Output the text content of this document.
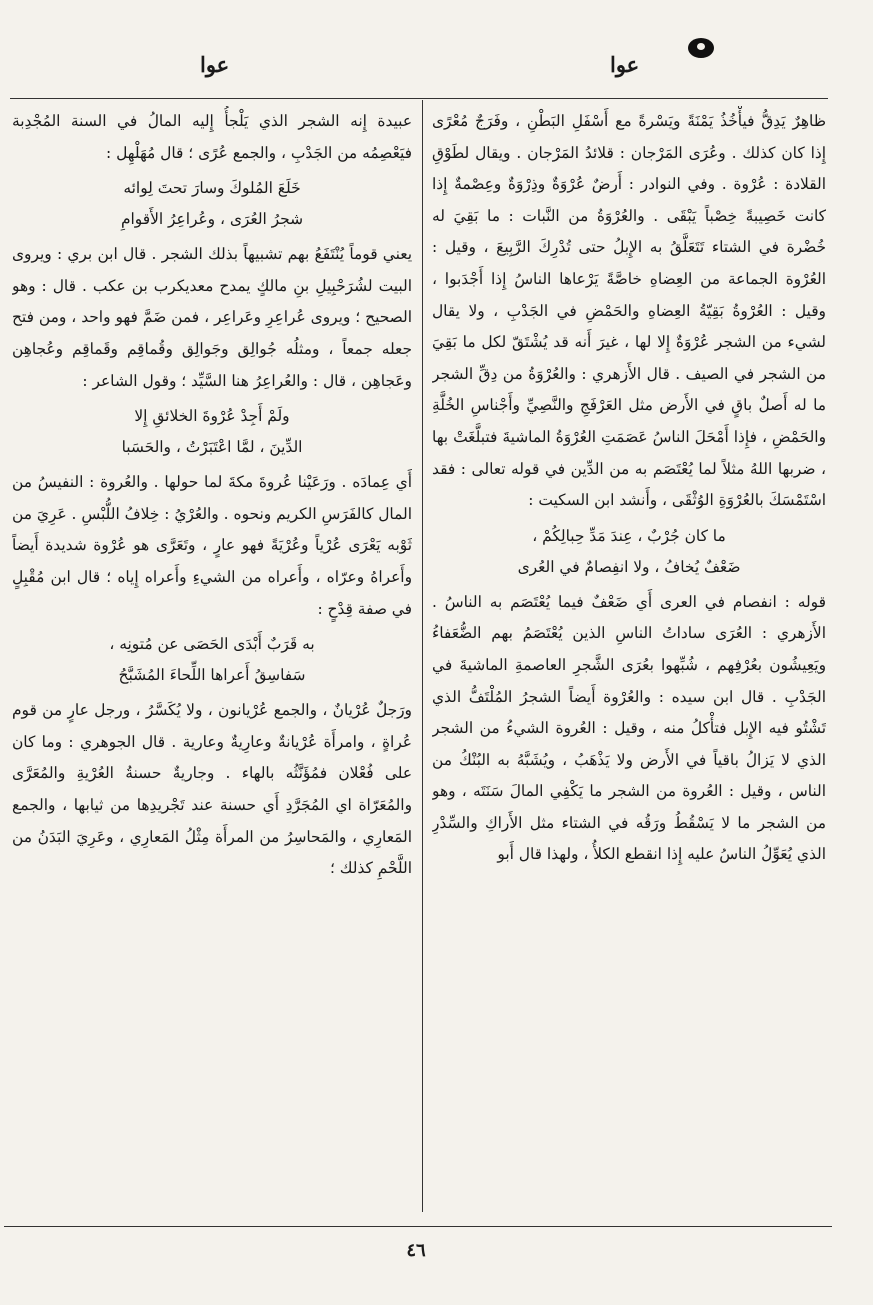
عوا
عوا

ظاهِرٌ يَدِقُّ فيأْخُذُ يَمْنَةً ويَسْرةً مع أَسْفَلِ البَطْنِ ، وفَرَجٌ مُعْرًى إِذا كان كذلك . وعُرَى المَرْجان : قلائدُ المَرْجان . ويقال لطَوْقِ القلادة : عُرْوة . وفي النوادر : أَرضٌ عُرْوَةٌ وذِرْوَةٌ وعِصْمةٌ إِذا كانت خَصِيبةً خِصْباً يَبْقَى . والعُرْوَةُ من النَّبات : ما بَقِيَ له خُضْرة في الشتاء تَتَعَلَّقُ به الإِبلُ حتى تُدْرِكَ الرَّبِيعَ ، وقيل : العُرْوة الجماعة من العِضاهِ خاصَّةً يَرْعاها الناسُ إِذا أَجْدَبوا ، وقيل : العُرْوةُ بَقِيّةُ العِضاهِ والحَمْضِ في الجَدْبِ ، ولا يقال لشيء من الشجر عُرْوَةٌ إِلا لها ، غيرَ أَنه قد يُشْتَقّ لكل ما بَقِيَ من الشجر في الصيف . قال الأَزهري : والعُرْوَةُ من دِقِّ الشجر ما له أَصلٌ باقٍ في الأَرض مثل العَرْفَجِ والنَّصِيِّ وأَجْناسِ الخُلَّةِ والحَمْضِ ، فإِذا أَمْحَلَ الناسُ عَصَمَتِ العُرْوَةُ الماشيةَ فتبلَّغَتْ بها ، ضربها اللهُ مثلاً لما يُعْتَصَم به من الدِّين في قوله تعالى : فقد اسْتَمْسَكَ بالعُرْوَةِ الوُثْقَى ، وأَنشد ابن السكيت :

ما كان جُرْبٌ ، عِندَ مَدِّ حِبالِكُمْ ،
ضَعْفٌ يُخافُ ، ولا انفِصامٌ في العُرى

قوله : انفصام في العرى أَي ضَعْفٌ فيما يُعْتَصَم به الناسُ . الأَزهري : العُرَى ساداتُ الناسِ الذين يُعْتَصَمُ بهم الضُّعَفاءُ ويَعِيشُون بعُرْفِهم ، شُبِّهوا بعُرَى الشَّجرِ العاصمةِ الماشيةَ في الجَدْبِ . قال ابن سيده : والعُرْوة أَيضاً الشجرُ المُلْتَفُّ الذي تَشْتُو فيه الإِبل فتأْكلُ منه ، وقيل : العُروة الشيءُ من الشجر الذي لا يَزالُ باقياً في الأَرض ولا يَذْهَبُ ، ويُشَبَّهُ به البُنْكُ من الناس ، وقيل : العُروة من الشجر ما يَكْفِي المالَ سَنَتَه ، وهو من الشجر ما لا يَسْقُطُ ورَقُه في الشتاء مثل الأَراكِ والسِّدْرِ الذي يُعَوِّلُ الناسُ عليه إِذا انقطع الكلأُ ، ولهذا قال أَبو

عبيدة إِنه الشجر الذي يَلْجأُ إِليه المالُ في السنة المُجْدِبة فيَعْصِمُه من الجَدْبِ ، والجمع عُرًى ؛ قال مُهَلْهِل :

خَلَعَ المُلوكَ وسارَ تحتَ لِوائه
شجرُ العُرَى ، وعُراعِرُ الأَقوامِ

يعني قوماً يُنْتَفَعُ بهم تشبيهاً بذلك الشجر . قال ابن بري : ويروى البيت لشُرَحْبِيلِ بنِ مالكٍ يمدح معديكرب بن عكب . قال : وهو الصحيح ؛ ويروى عُراعِرِ وعَراعِر ، فمن ضَمَّ فهو واحد ، ومن فتح جعله جمعاً ، ومثلُه جُوالِق وجَوالِق وقُماقِم وقَماقِم وعُجاهِن وعَجاهِن ، قال : والعُراعِرُ هنا السَّيِّد ؛ وقول الشاعر :

ولَمْ أَجِدْ عُرْوةَ الخلائقِ إِلا
الدِّينَ ، لمَّا اعْتَبَرْتُ ، والحَسَبا

أَي عِمادَه . ورَعَيْنا عُروةَ مكةَ لما حولها . والعُروة : النفيسُ من المال كالفَرَسِ الكريم ونحوه . والعُرْيُ : خِلافُ اللُّبْسِ . عَرِيَ من ثَوْبه يَعْرَى عُرْياً وعُرْيَةً فهو عارٍ ، وتَعَرَّى هو عُرْوة شديدة أَيضاً وأَعراهُ وعرّاه ، وأَعراه من الشيءِ وأَعراه إِياه ؛ قال ابن مُقْبِلٍ في صفة قِدْحٍ :

به قَرَبٌ أَبْدَى الحَصَى عن مُتونِه ،
سَفاسِقُ أَعراها اللِّحاءَ المُشَبَّحُ

ورَجلٌ عُرْيانٌ ، والجمع عُرْيانون ، ولا يُكَسَّرُ ، ورجل عارٍ من قوم عُراةٍ ، وامرأَة عُرْيانةٌ وعارِيةٌ وعارية . قال الجوهري : وما كان على فُعْلان فمُؤَنَّثُه بالهاء . وجاريةٌ حسنةُ العُرْيةِ والمُعَرَّى والمُعَرّاة اي المُجَرَّدِ أَي حسنة عند تَجْريدِها من ثيابها ، والجمع المَعارِي ، والمَحاسِرُ من المرأَة مِثْلُ المَعارِي ، وعَرِيَ البَدَنُ من اللَّحْمِ كذلك ؛

٤٦
